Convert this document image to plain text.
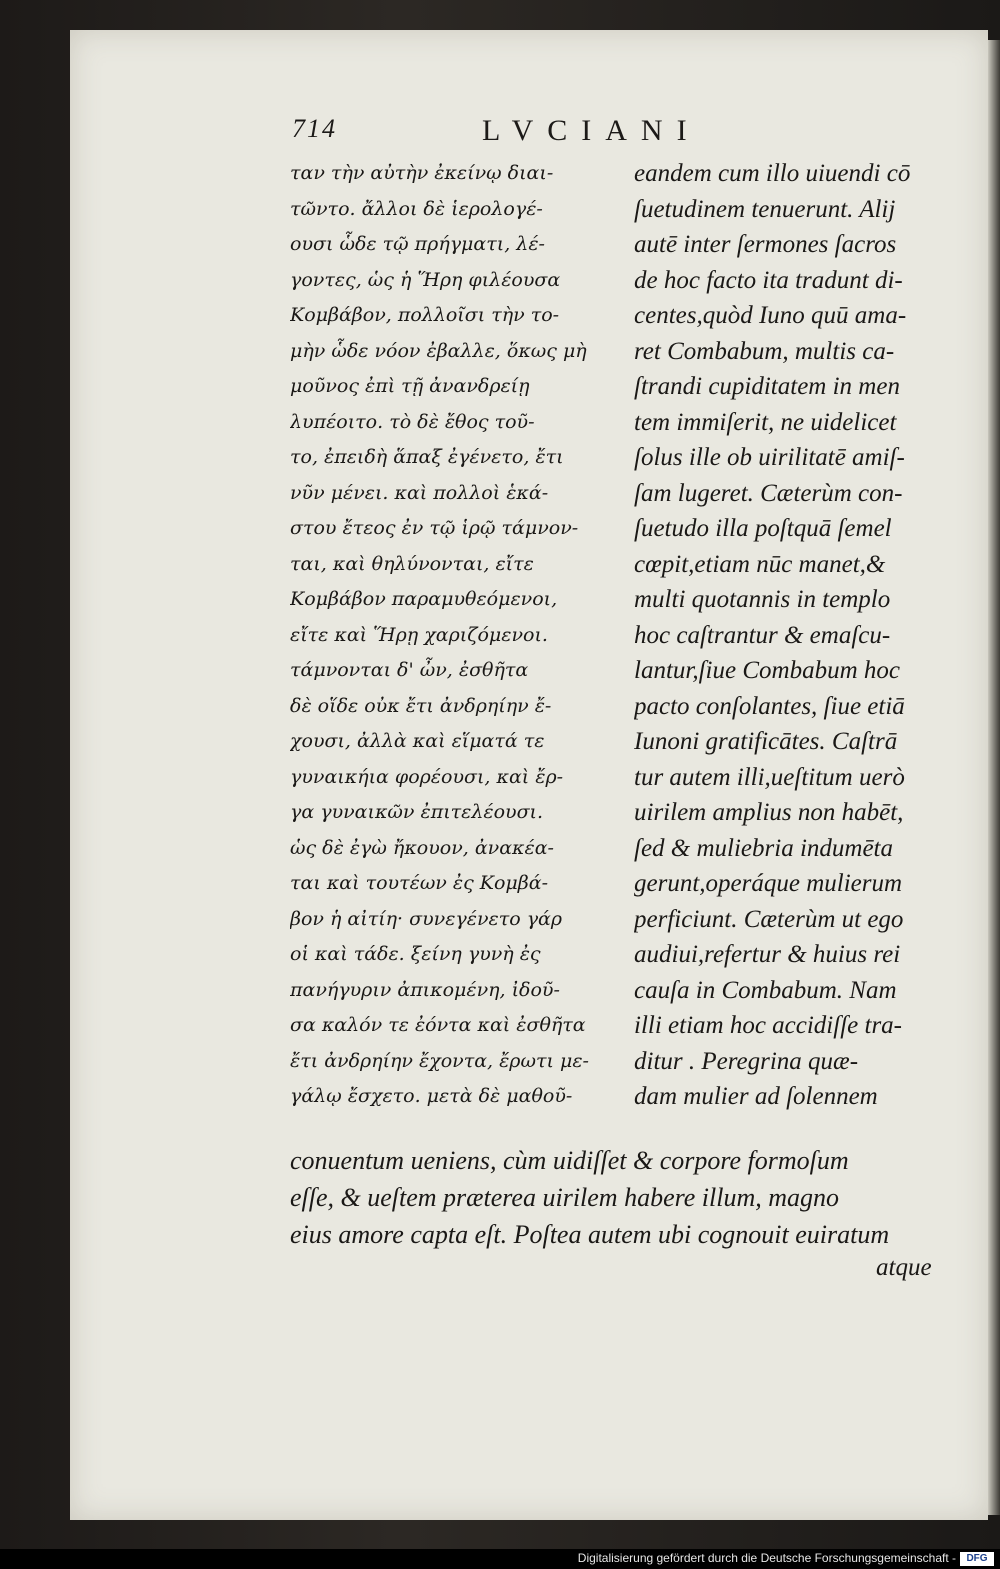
714	LVCIANI
ταν τὴν αὐτὴν ἐκείνῳ διαι-
τῶντο. ἄλλοι δὲ ἱερολογέ-
ουσι ὧδε τῷ πρήγματι, λέ-
γοντες, ὡς ἡ Ἥρη φιλέουσα
Κομβάβον, πολλοῖσι τὴν το-
μὴν ὧδε νόον ἐβαλλε, ὅκως μὴ
μοῦνος ἐπὶ τῇ ἀνανδρείῃ
λυπέοιτο. τὸ δὲ ἔθος τοῦ-
το, ἐπειδὴ ἅπαξ ἐγένετο, ἔτι
νῦν μένει. καὶ πολλοὶ ἑκά-
στου ἔτεος ἐν τῷ ἱρῷ τάμνον-
ται, καὶ θηλύνονται, εἴτε
Κομβάβον παραμυθεόμενοι,
εἴτε καὶ Ἥρῃ χαριζόμενοι.
τάμνονται δ' ὦν, ἐσθῆτα
δὲ οἵδε οὐκ ἔτι ἀνδρηίην ἔ-
χουσι, ἀλλὰ καὶ εἵματά τε
γυναικήια φορέουσι, καὶ ἔρ-
γα γυναικῶν ἐπιτελέουσι.
ὡς δὲ ἐγὼ ἤκουον, ἀνακέα-
ται καὶ τουτέων ἐς Κομβά-
βον ἡ αἰτίη· συνεγένετο γάρ
οἱ καὶ τάδε. ξείνη γυνὴ ἐς
πανήγυριν ἀπικομένη, ἰδοῦ-
σα καλόν τε ἐόντα καὶ ἐσθῆτα
ἔτι ἀνδρηίην ἔχοντα, ἔρωτι με-
γάλῳ ἔσχετο. μετὰ δὲ μαθοῦ-
eandem cum illo uiuendi cō
ſuetudinem tenuerunt. Alij
autē inter ſermones ſacros
de hoc facto ita tradunt di-
centes,quòd Iuno quū ama-
ret Combabum, multis ca-
ſtrandi cupiditatem in men
tem immiſerit, ne uidelicet
ſolus ille ob uirilitatē amiſ-
ſam lugeret. Cæterùm con-
ſuetudo illa poſtquā ſemel
cœpit,etiam nūc manet,&
multi quotannis in templo
hoc caſtrantur & emaſcu-
lantur,ſiue Combabum hoc
pacto conſolantes, ſiue etiā
Iunoni gratificātes. Caſtrā
tur autem illi,ueſtitum uerò
uirilem amplius non habēt,
ſed & muliebria indumēta
gerunt,operáque mulierum
perficiunt. Cæterùm ut ego
audiui,refertur & huius rei
cauſa in Combabum. Nam
illi etiam hoc accidiſſe tra-
ditur . Peregrina quæ-
dam mulier ad ſolennem
conuentum ueniens, cùm uidiſſet & corpore formoſum
eſſe, & ueſtem præterea uirilem habere illum, magno
eius amore capta eſt. Poſtea autem ubi cognouit euiratum
atque
Digitalisierung gefördert durch die Deutsche Forschungsgemeinschaft -	DFG
